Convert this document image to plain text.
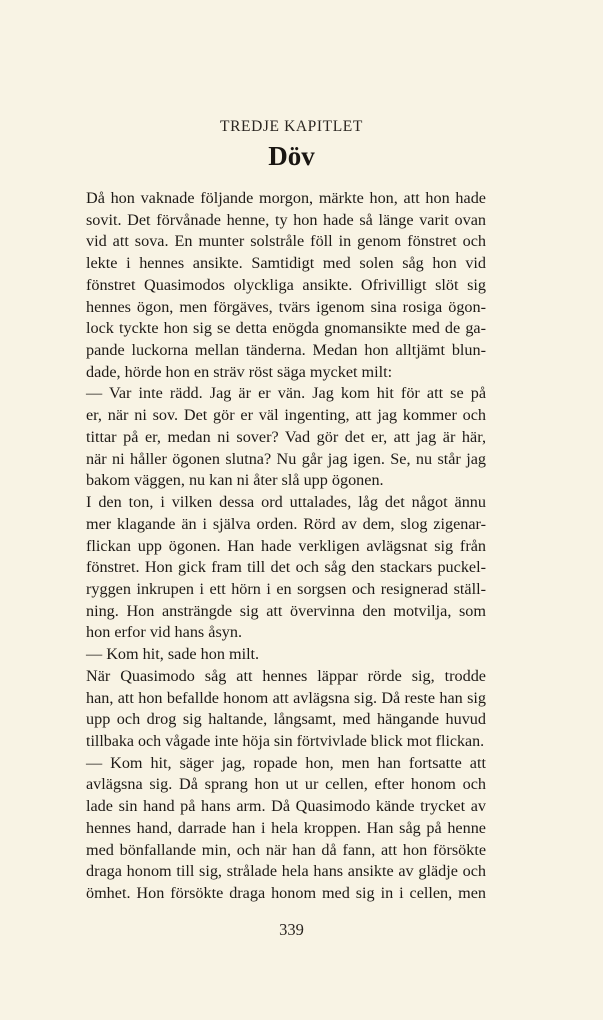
TREDJE KAPITLET
Döv
Då hon vaknade följande morgon, märkte hon, att hon hade
sovit. Det förvånade henne, ty hon hade så länge varit ovan
vid att sova. En munter solstråle föll in genom fönstret och
lekte i hennes ansikte. Samtidigt med solen såg hon vid
fönstret Quasimodos olyckliga ansikte. Ofrivilligt slöt sig
hennes ögon, men förgäves, tvärs igenom sina rosiga ögon-
lock tyckte hon sig se detta enögda gnomansikte med de ga-
pande luckorna mellan tänderna. Medan hon alltjämt blun-
dade, hörde hon en sträv röst säga mycket milt:
— Var inte rädd. Jag är er vän. Jag kom hit för att se på
er, när ni sov. Det gör er väl ingenting, att jag kommer och
tittar på er, medan ni sover? Vad gör det er, att jag är här,
när ni håller ögonen slutna? Nu går jag igen. Se, nu står jag
bakom väggen, nu kan ni åter slå upp ögonen.
I den ton, i vilken dessa ord uttalades, låg det något ännu
mer klagande än i själva orden. Rörd av dem, slog zigenar-
flickan upp ögonen. Han hade verkligen avlägsnat sig från
fönstret. Hon gick fram till det och såg den stackars puckel-
ryggen inkrupen i ett hörn i en sorgsen och resignerad ställ-
ning. Hon ansträngde sig att övervinna den motvilja, som
hon erfor vid hans åsyn.
— Kom hit, sade hon milt.
När Quasimodo såg att hennes läppar rörde sig, trodde
han, att hon befallde honom att avlägsna sig. Då reste han sig
upp och drog sig haltande, långsamt, med hängande huvud
tillbaka och vågade inte höja sin förtvivlade blick mot flickan.
— Kom hit, säger jag, ropade hon, men han fortsatte att
avlägsna sig. Då sprang hon ut ur cellen, efter honom och
lade sin hand på hans arm. Då Quasimodo kände trycket av
hennes hand, darrade han i hela kroppen. Han såg på henne
med bönfallande min, och när han då fann, att hon försökte
draga honom till sig, strålade hela hans ansikte av glädje och
ömhet. Hon försökte draga honom med sig in i cellen, men
339
